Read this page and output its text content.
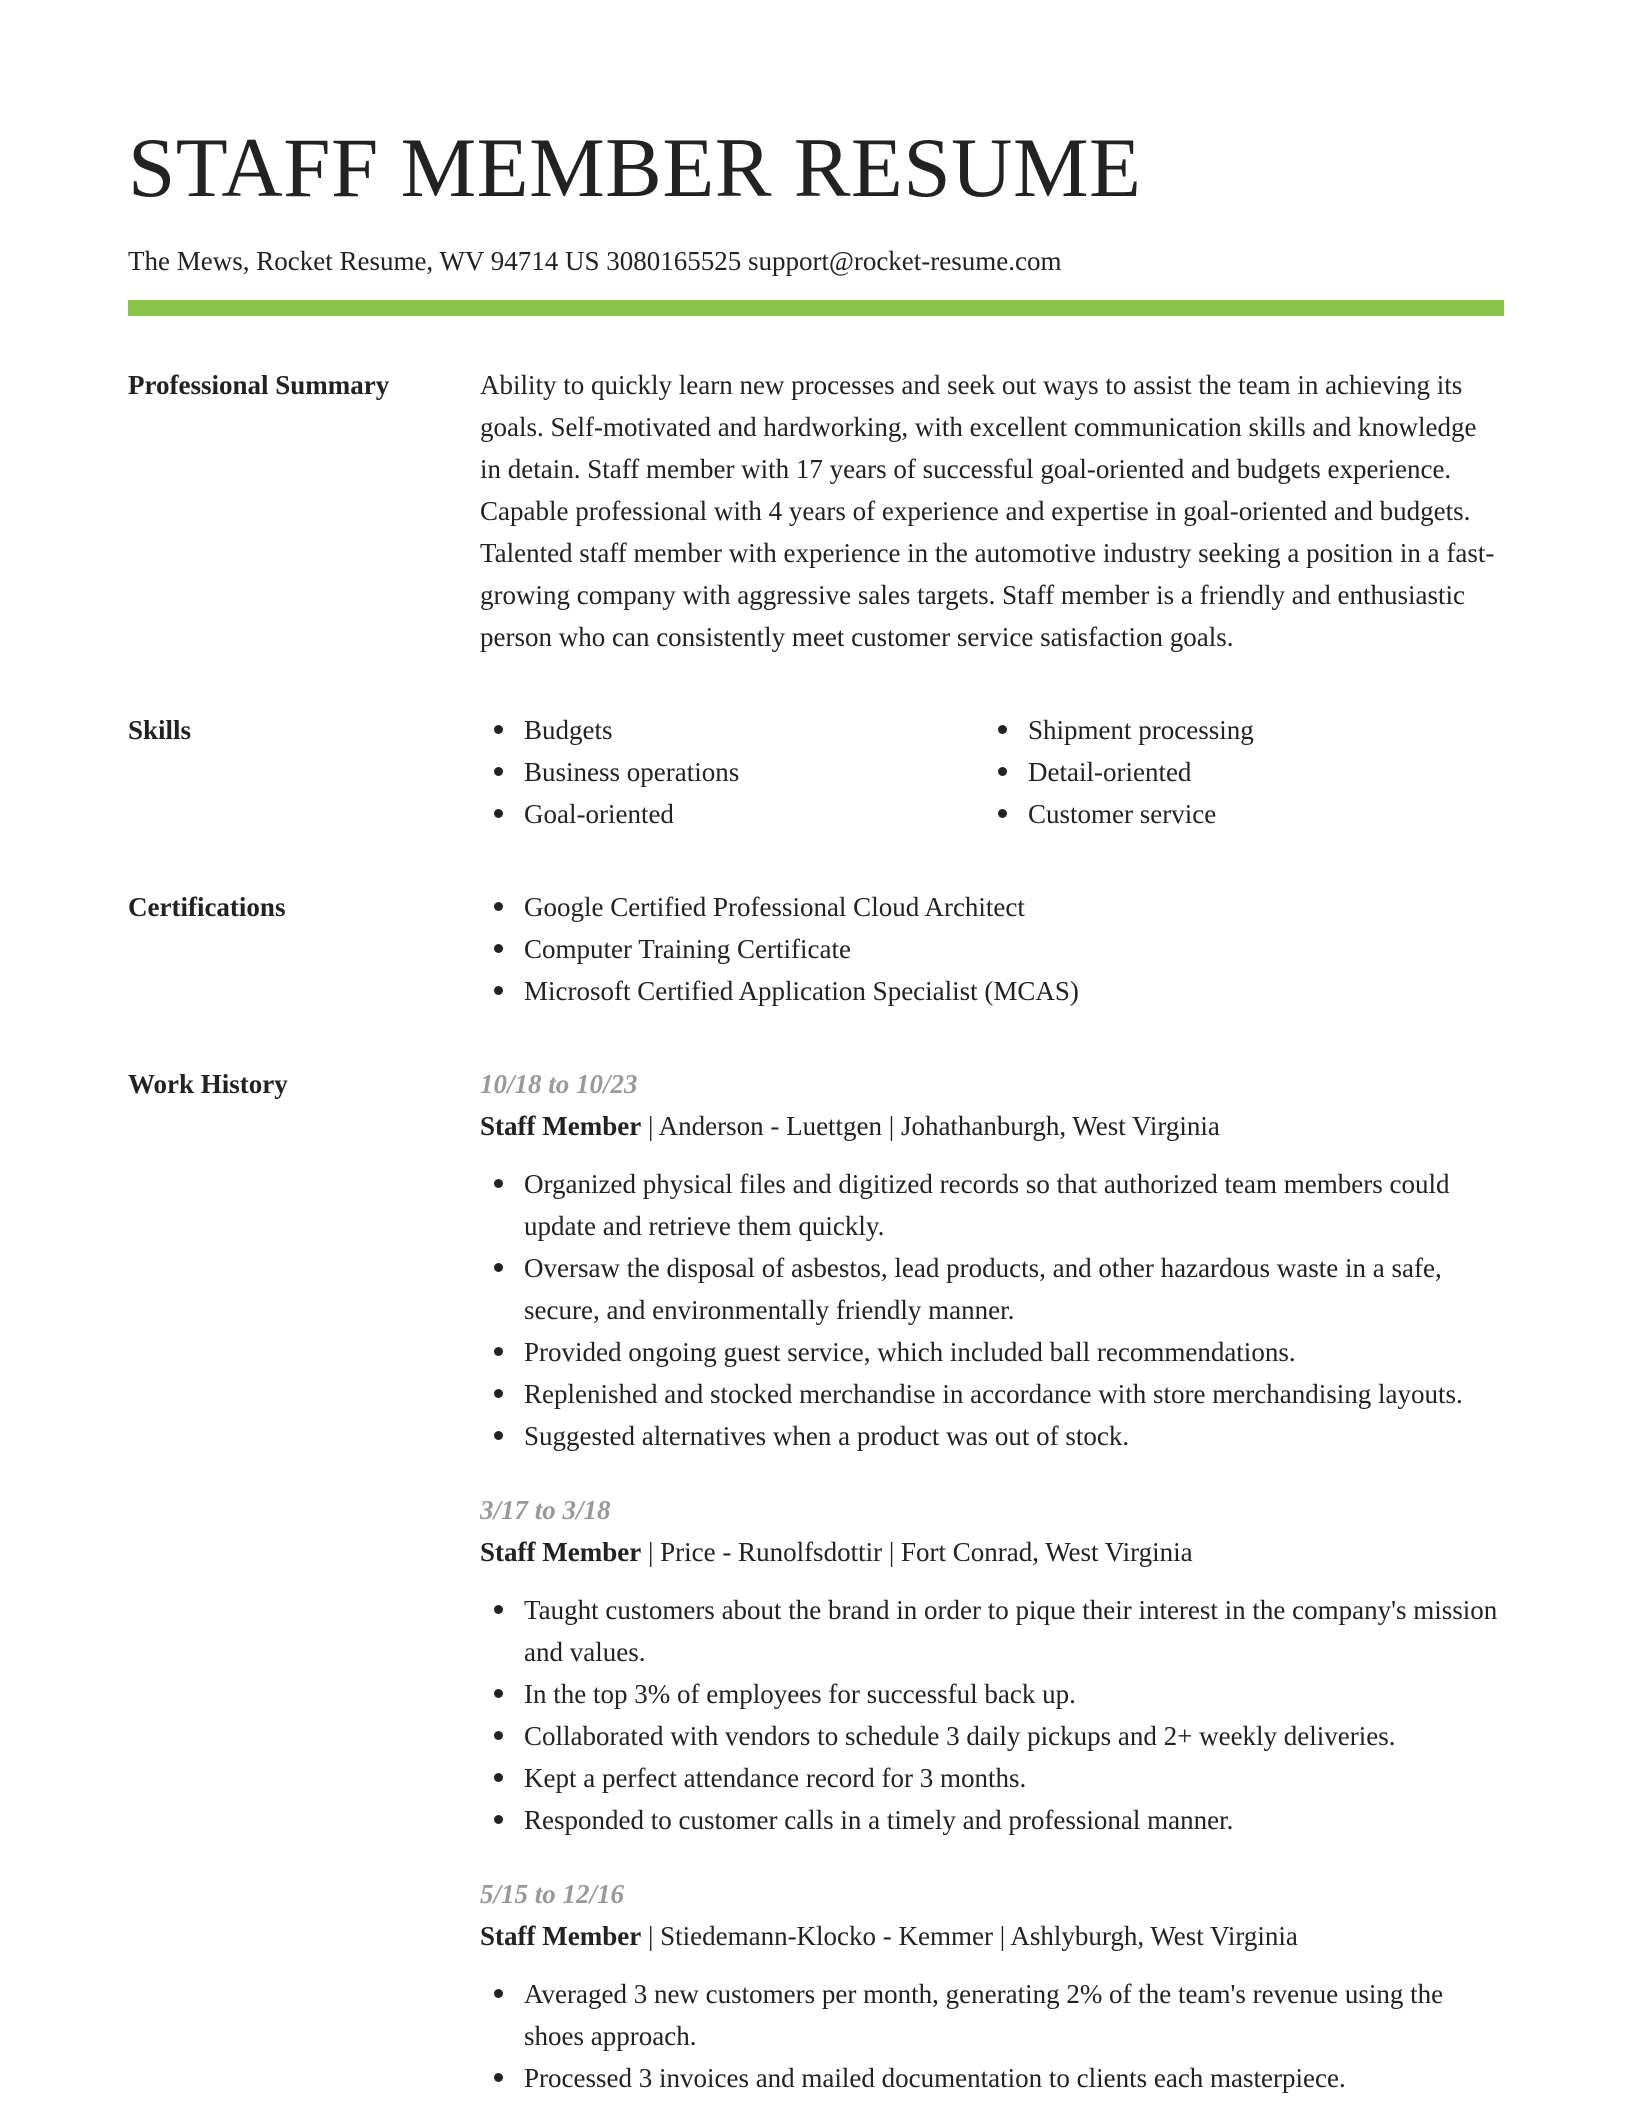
STAFF MEMBER RESUME
The Mews, Rocket Resume, WV 94714 US 3080165525 support@rocket-resume.com
Professional Summary	Ability to quickly learn new processes and seek out ways to assist the team in achieving its goals. Self-motivated and hardworking, with excellent communication skills and knowledge in detain. Staff member with 17 years of successful goal-oriented and budgets experience. Capable professional with 4 years of experience and expertise in goal-oriented and budgets. Talented staff member with experience in the automotive industry seeking a position in a fast-growing company with aggressive sales targets. Staff member is a friendly and enthusiastic person who can consistently meet customer service satisfaction goals.
Skills	Budgets
Business operations
Goal-oriented
Shipment processing
Detail-oriented
Customer service
Certifications	Google Certified Professional Cloud Architect
Computer Training Certificate
Microsoft Certified Application Specialist (MCAS)
Work History	10/18 to 10/23
Staff Member | Anderson - Luettgen | Johathanburgh, West Virginia
Organized physical files and digitized records so that authorized team members could update and retrieve them quickly.
Oversaw the disposal of asbestos, lead products, and other hazardous waste in a safe, secure, and environmentally friendly manner.
Provided ongoing guest service, which included ball recommendations.
Replenished and stocked merchandise in accordance with store merchandising layouts.
Suggested alternatives when a product was out of stock.
3/17 to 3/18
Staff Member | Price - Runolfsdottir | Fort Conrad, West Virginia
Taught customers about the brand in order to pique their interest in the company's mission and values.
In the top 3% of employees for successful back up.
Collaborated with vendors to schedule 3 daily pickups and 2+ weekly deliveries.
Kept a perfect attendance record for 3 months.
Responded to customer calls in a timely and professional manner.
5/15 to 12/16
Staff Member | Stiedemann-Klocko - Kemmer | Ashlyburgh, West Virginia
Averaged 3 new customers per month, generating 2% of the team's revenue using the shoes approach.
Processed 3 invoices and mailed documentation to clients each masterpiece.
